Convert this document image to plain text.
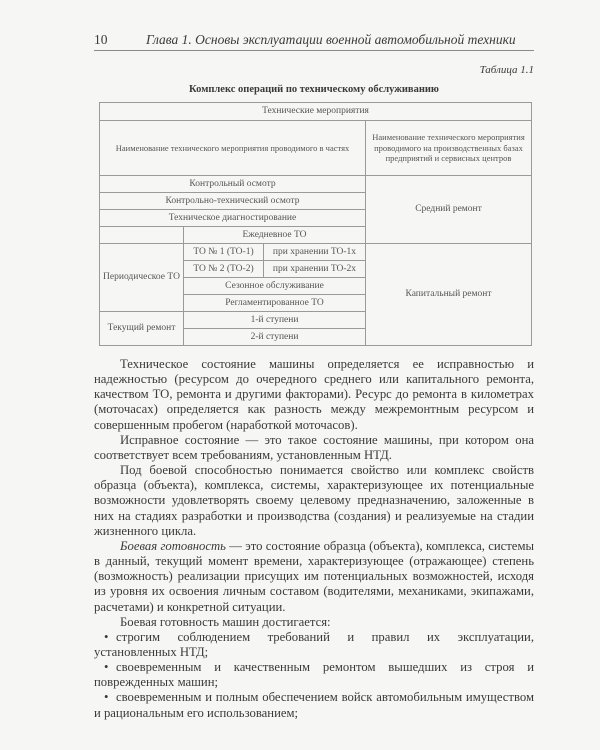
10	Глава 1. Основы эксплуатации военной автомобильной техники
Таблица 1.1
Комплекс операций по техническому обслуживанию
Технические мероприятия			
Наименование технического мероприятия проводимого в частях			Наименование технического мероприятия проводимого на производственных базах предприятий и сервисных центров
Контрольный осмотр			Средний ремонт
Контрольно-технический осмотр			
Техническое диагностирование			
	Ежедневное ТО		
Периодическое ТО	ТО № 1 (ТО-1)	при хранении ТО-1х	Капитальный ремонт
	ТО № 2 (ТО-2)	при хранении ТО-2х	
	Сезонное обслуживание		
	Регламентированное ТО		
Текущий ремонт	1-й ступени		
	2-й ступени		

Техническое состояние машины определяется ее исправностью и надежностью (ресурсом до очередного среднего или капитального ремонта, качеством ТО, ремонта и другими факторами). Ресурс до ремонта в километрах (моточасах) определяется как разность между межремонтным ресурсом и совершенным пробегом (наработкой моточасов).

Исправное состояние — это такое состояние машины, при котором она соответствует всем требованиям, установленным НТД.

Под боевой способностью понимается свойство или комплекс свойств образца (объекта), комплекса, системы, характеризующее их потенциальные возможности удовлетворять своему целевому предназначению, заложенные в них на стадиях разработки и производства (создания) и реализуемые на стадии жизненного цикла.

Боевая готовность — это состояние образца (объекта), комплекса, системы в данный, текущий момент времени, характеризующее (отражающее) степень (возможность) реализации присущих им потенциальных возможностей, исходя из уровня их освоения личным составом (водителями, механиками, экипажами, расчетами) и конкретной ситуации.

Боевая готовность машин достигается:

• строгим соблюдением требований и правил их эксплуатации, установленных НТД;

• своевременным и качественным ремонтом вышедших из строя и поврежденных машин;

• своевременным и полным обеспечением войск автомобильным имуществом и рациональным его использованием;
